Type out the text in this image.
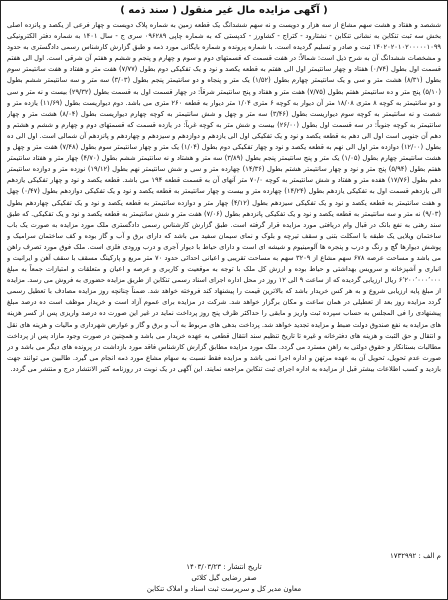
( آگهی مزایده مال غیر منقول ( سند ذمه )
ششصد و هفتاد و هشت سهم مشاع از سه هزار و دویست و نه سهم ششدانگ یک قطعه زمین به شماره پلاک دویست و چهار فرعی از یکصد و پانزده اصلی بخش سه ثبت تنکابن به نشانی تنکابن - نشتارود - کتراج - کشاورز - کدپستی که به شماره چاپی ۰۹۶۲۸۹ سری ج - سال ۱۴۰۱ به شماره دفتر الکترونیکی ۱۴۰۲۰۲۰۱۰۲۰۰۰۰۰۱۰۹۹ ثبت و صادر و تسلیم گردیده است. با شماره پرونده و شماره بایگانی مورد ذمه و طبق گزارش کارشناس رسمی دادگستری به حدود و مشخصات ششدانگ آن به شرح ذیل است: شمالاً: در هفت قسمت که قسمتهای دوم و سوم و چهارم و پنجم و ششم و هفتم آن شرقی است. اول الی هفتم قسمت اول بطول (۰/۷۴) هفتاد و چهار سانتیمتر اول الی هفتم به قطعه یکصد و نود و یک تفکیکی دوم بطول (۷/۷۷) هفت متر و هفتاد و هفت سانتیمتر سوم بطول (۸/۳۱) هشت متر و سی و یک سانتیمتر چهارم بطول (۱/۵۲) یک متر و پنجاه و دو سانتیمتر پنجم بطول (۳/۰۳) سه متر و سه سانتیمتر ششم بطول (۵/۱۰) پنج متر و ده سانتیمتر هفتم بطول (۷/۷۵) هفت متر و هفتاد و پنج سانتیمتر شرقاً: در چهار قسمت اول به قسمت بطول (۲۹/۳۲) بیست و نه متر و سی و دو سانتیمتر به کوچه ۸ متری ۱۸/۰۸ متر آن دیوار به کوچه ۶ متری ۱/۰۴ متر دیوار به قطعه ۲۶۰ متری می باشد. دوم دیواریست بطول (۱۱/۶۹) یازده متر و شصت و نه سانتیمتر به کوچه سوم دیواریست بطول (۳/۴۶) سه متر و چهل و شش سانتیمتر به کوچه چهارم دیواریست بطول (۸/۰۴) هشت متر و چهار سانتیمتر به کوچه جنوباً: در سه قسمت اول بطول (۲۶/۰۰) بیست و شش متر به کوچه غرباً: در یازده قسمت که قسمتهای دوم و چهارم و ششم و هشتم و دهم آن جنوبی است اول الی دهم به قطعه یکصد و نود و یک تفکیکی اول الی یازدهم و دوازدهم و سیزدهم و چهاردهم و پانزدهم آن شمالی است. اول الی ده بطول (۱۲/۰۰) دوازده متر اول الی نهم به قطعه یکصد و نود و چهار تفکیکی دوم بطول (۱/۰۴) یک متر و چهار سانتیمتر سوم بطول (۷/۴۸) هفت متر و چهل و هشت سانتیمتر چهارم بطول (۱/۰۵) یک متر و پنج سانتیمتر پنجم بطول (۳/۸۹) سه متر و هشتاد و نه سانتیمتر ششم بطول (۴/۷۰) چهار متر و هفتاد سانتیمتر هفتم بطول (۵/۹۴) پنج متر و نود و چهار سانتیمتر هشتم بطول (۱۴/۳۶) چهارده متر و سی و شش سانتیمتر نهم بطول (۱۹/۱۲) نوزده متر و دوازده سانتیمتر دهم بطول (۱۷/۷۶) هفده متر و هفتاد و شش سانتیمتر به کوچه ۷۰/۰ متر آنهای آن به قسمت قطعه ۱۹۴ می باشد. قطعه یکصد و نود و چهار تفکیکی یازدهم الی یازدهم قسمت اول به تفکیکی یازدهم بطول (۱۴/۲۴) چهارده متر و بیست و چهار سانتیمتر به قطعه یکصد و نود و یک تفکیکی دوازدهم بطول (۰/۴۷) چهل و هفت سانتیمتر به قطعه یکصد و نود و یک تفکیکی سیزدهم بطول (۴/۱۲) چهار متر و دوازده سانتیمتر به قطعه یکصد و نود و یک تفکیکی چهاردهم بطول (۹/۰۳) نه متر و سه سانتیمتر به قطعه یکصد و نود و یک تفکیکی پانزدهم بطول (۷/۰۶) هفت متر و شش سانتیمتر به قطعه یکصد و نود و یک تفکیکی. که طبق سند رهنی به نفع بانک در قبال وام دریافتی مورد مزایده قرار گرفته است. طبق گزارش کارشناس رسمی دادگستری ملک مورد مزایده به صورت یک باب ساختمان ویلایی یک طبقه با اسکلت بتنی و سقف تیرچه و بلوک و نمای سیمان سفید می باشد که دارای برق و آب و گاز بوده و کف ساختمان سرامیک و پوشش دیوارها گچ و رنگ و درب و پنجره ها آلومینیوم و شیشه ای است و دارای حیاط با دیوار آجری و درب ورودی فلزی است. ملک فوق مورد تصرف راهن می باشد و مساحت عرصه ۶۷۸ سهم مشاع از ۳۲۰۹ سهم به مساحت تقریبی و اعیانی احداثی حدود ۷۰ متر مربع و پارکینگ مسقف با سقف آهن و ایرانیت و انباری و آشپزخانه و سرویس بهداشتی و حیاط بوده و ارزش کل ملک با توجه به موقعیت و کاربری و عرصه و اعیان و متعلقات و امتیازات جمعاً به مبلغ ۶٬۲۰۰٬۰۰۰٬۰۰۰ ریال ارزیابی گردیده که از ساعت ۹ الی ۱۲ روز در محل اداره اجرای اسناد رسمی تنکابن از طریق مزایده حضوری به فروش می رسد. مزایده از مبلغ پایه ارزیابی شروع و به هر کس خریدار باشد که بالاترین قیمت را پیشنهاد کند فروخته خواهد شد. ضمناً چنانچه روز مزایده مصادف با تعطیل رسمی گردد مزایده روز بعد از تعطیلی در همان ساعت و مکان برگزار خواهد شد. شرکت در مزایده برای عموم آزاد است و خریدار موظف است ده درصد مبلغ پیشنهادی را فی المجلس به حساب سپرده ثبت واریز و مابقی را حداکثر ظرف پنج روز پرداخت نماید در غیر این صورت ده درصد واریزی پس از کسر هزینه های مزایده به نفع صندوق دولت ضبط و مزایده تجدید خواهد شد. پرداخت بدهی های مربوط به آب و برق و گاز و عوارض شهرداری و مالیات و هزینه های نقل و انتقال و حق الثبت و هزینه های دفترخانه و غیره تا تاریخ تنظیم سند انتقال قطعی به عهده خریدار می باشد و همچنین در صورت وجود مازاد پس از پرداخت مطالبات بستانکار و حقوق دولتی به راهن مسترد می گردد. ملک مورد مزایده مطابق گزارش کارشناس فاقد مورد بازداشت در پرونده های دیگر می باشد و در صورت عدم تحویل، تحویل آن به عهده مرتهن و اداره اجرا نمی باشد و مزایده فقط نسبت به سهام مشاع مورد ذمه انجام می گیرد. طالبین می توانند جهت بازدید و کسب اطلاعات بیشتر قبل از مزایده به اداره اجرای ثبت تنکابن مراجعه نمایند. این آگهی در یک نوبت در روزنامه کثیر الانتشار درج و منتشر می گردد.
م الف : ۱۷۳۲۹۹۲
تاریخ انتشار : ۱۴۰۳/۰۳/۲۳
صفر رضایی گیل کلائی
معاون مدیر کل و سرپرست ثبت اسناد و املاک تنکابن
